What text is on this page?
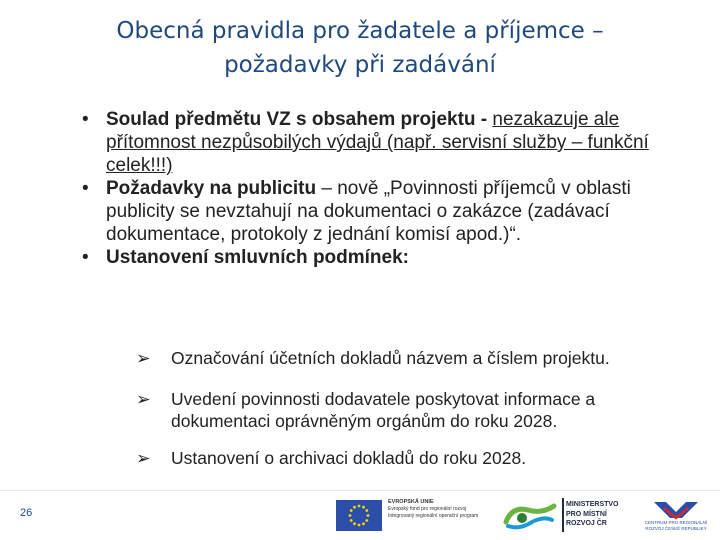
Obecná pravidla pro žadatele a příjemce –
požadavky při zadávání
• Soulad předmětu VZ s obsahem projektu - nezakazuje ale přítomnost nezpůsobilých výdajů (např. servisní služby – funkční celek!!!)
• Požadavky na publicitu – nově „Povinnosti příjemců v oblasti publicity se nevztahují na dokumentaci o zakázce (zadávací dokumentace, protokoly z jednání komisí apod.)“.
• Ustanovení smluvních podmínek:
➢	Označování účetních dokladů názvem a číslem projektu.
➢	Uvedení povinnosti dodavatele poskytovat informace a dokumentaci oprávněným orgánům do roku 2028.
➢	Ustanovení o archivaci dokladů do roku 2028.
26
EVROPSKÁ UNIE
Evropský fond pro regionální rozvoj
Integrovaný regionální operační program
MINISTERSTVO
PRO MÍSTNÍ
ROZVOJ ČR	CENTRUM PRO REGIONÁLNÍ ROZVOJ ČESKÉ REPUBLIKY
